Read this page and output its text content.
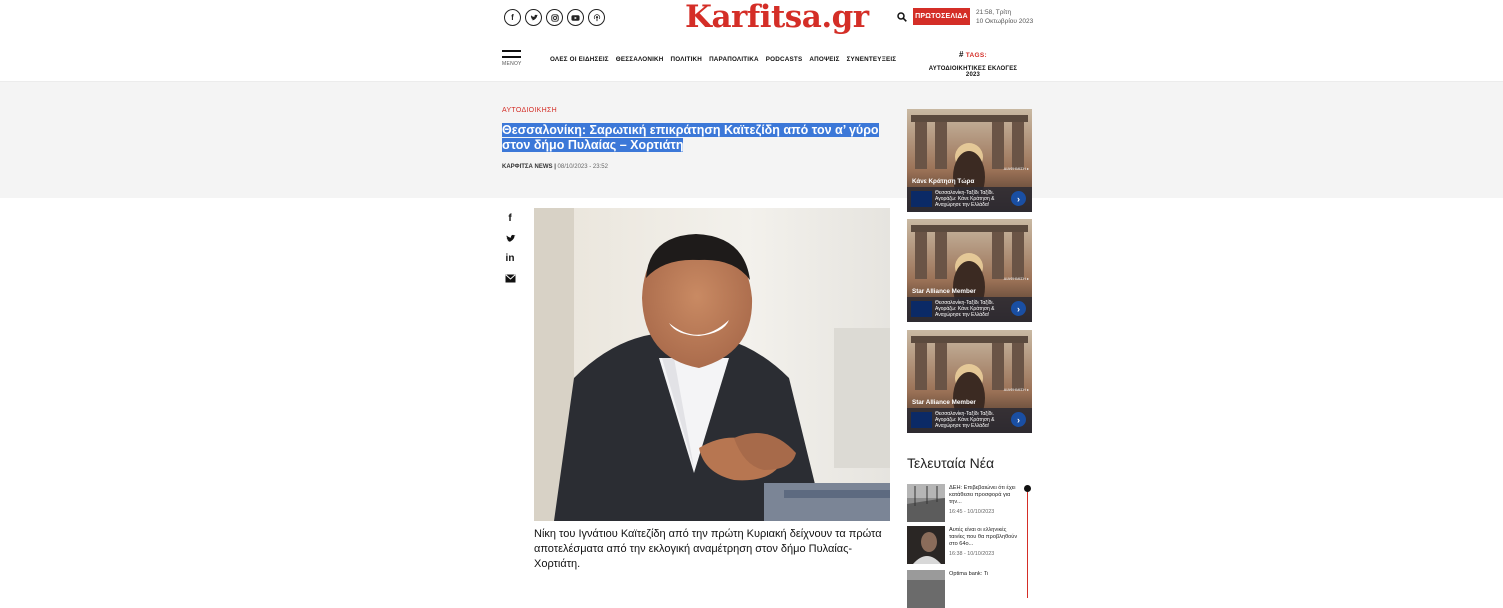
f	Karfitsa.gr	ΠΡΩΤΟΣΕΛΙΔΑ
21:58, Τρίτη
10 Οκτωβρίου 2023
ΜΕΝΟΥ
ΟΛΕΣ ΟΙ ΕΙΔΗΣΕΙΣ ΘΕΣΣΑΛΟΝΙΚΗ ΠΟΛΙΤΙΚΗ ΠΑΡΑΠΟΛΙΤΙΚΑ PODCASTS ΑΠΟΨΕΙΣ ΣΥΝΕΝΤΕΥΞΕΙΣ
# TAGS:
ΑΥΤΟΔΙΟΙΚΗΤΙΚΕΣ ΕΚΛΟΓΕΣ 2023
ΑΥΤΟΔΙΟΙΚΗΣΗ
Θεσσαλονίκη: Σαρωτική επικράτηση Καϊτεζίδη από τον α’ γύρο
στον δήμο Πυλαίας – Χορτιάτη
ΚΑΡΦΙΤΣΑ NEWS | 08/10/2023 - 23:52
f
in

Νίκη του Ιγνάτιου Καϊτεζίδη από την πρώτη Κυριακή δείχνουν τα πρώτα αποτελέσματα από την εκλογική αναμέτρηση στον δήμο Πυλαίας-Χορτιάτη.

ΔΙΑΦΗΜΙΣΗ ▸
Κάνε Κράτηση Τώρα
Θεσσαλονίκη-Ταξίδι Ταξίδι. Αγοράζω: Κάνε Κράτηση & Αναχώρησε την Ελλάδα!
›
ΔΙΑΦΗΜΙΣΗ ▸
Star Alliance Member
Θεσσαλονίκη-Ταξίδι Ταξίδι. Αγοράζω: Κάνε Κράτηση & Αναχώρησε την Ελλάδα!
›
ΔΙΑΦΗΜΙΣΗ ▸
Star Alliance Member
Θεσσαλονίκη-Ταξίδι Ταξίδι. Αγοράζω: Κάνε Κράτηση & Αναχώρησε την Ελλάδα!
›
Τελευταία Νέα
ΔΕΗ: Επιβεβαιώνει ότι έχει κατάθεσει προσφορά για την...
16:45 - 10/10/2023
Αυτές είναι οι ελληνικές ταινίες που θα προβληθούν στο 64ο...
16:38 - 10/10/2023
Optima bank: Τι
